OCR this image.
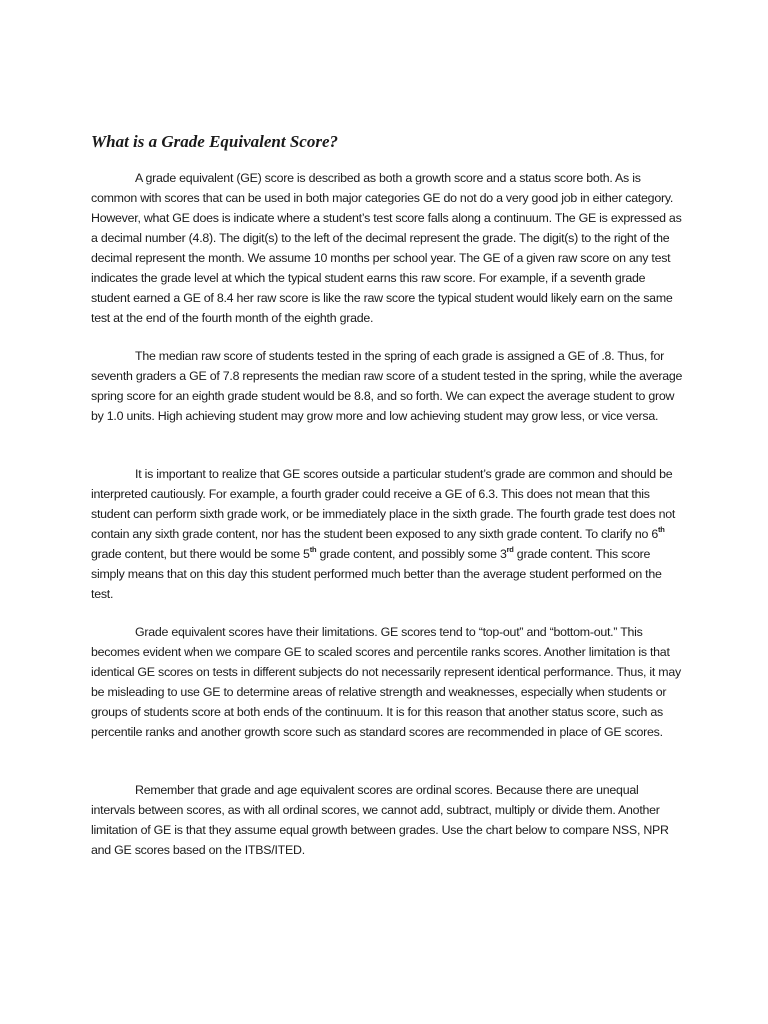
What is a Grade Equivalent Score?

A grade equivalent (GE) score is described as both a growth score and a status score both. As is common with scores that can be used in both major categories GE do not do a very good job in either category. However, what GE does is indicate where a student’s test score falls along a continuum. The GE is expressed as a decimal number (4.8). The digit(s) to the left of the decimal represent the grade. The digit(s) to the right of the decimal represent the month. We assume 10 months per school year. The GE of a given raw score on any test indicates the grade level at which the typical student earns this raw score. For example, if a seventh grade student earned a GE of 8.4 her raw score is like the raw score the typical student would likely earn on the same test at the end of the fourth month of the eighth grade.

The median raw score of students tested in the spring of each grade is assigned a GE of .8. Thus, for seventh graders a GE of 7.8 represents the median raw score of a student tested in the spring, while the average spring score for an eighth grade student would be 8.8, and so forth. We can expect the average student to grow by 1.0 units. High achieving student may grow more and low achieving student may grow less, or vice versa.

It is important to realize that GE scores outside a particular student’s grade are common and should be interpreted cautiously. For example, a fourth grader could receive a GE of 6.3. This does not mean that this student can perform sixth grade work, or be immediately place in the sixth grade. The fourth grade test does not contain any sixth grade content, nor has the student been exposed to any sixth grade content. To clarify no 6th grade content, but there would be some 5th grade content, and possibly some 3rd grade content. This score simply means that on this day this student performed much better than the average student performed on the test.

Grade equivalent scores have their limitations. GE scores tend to “top-out” and “bottom-out.” This becomes evident when we compare GE to scaled scores and percentile ranks scores. Another limitation is that identical GE scores on tests in different subjects do not necessarily represent identical performance. Thus, it may be misleading to use GE to determine areas of relative strength and weaknesses, especially when students or groups of students score at both ends of the continuum. It is for this reason that another status score, such as percentile ranks and another growth score such as standard scores are recommended in place of GE scores.

Remember that grade and age equivalent scores are ordinal scores. Because there are unequal intervals between scores, as with all ordinal scores, we cannot add, subtract, multiply or divide them. Another limitation of GE is that they assume equal growth between grades. Use the chart below to compare NSS, NPR and GE scores based on the ITBS/ITED.
